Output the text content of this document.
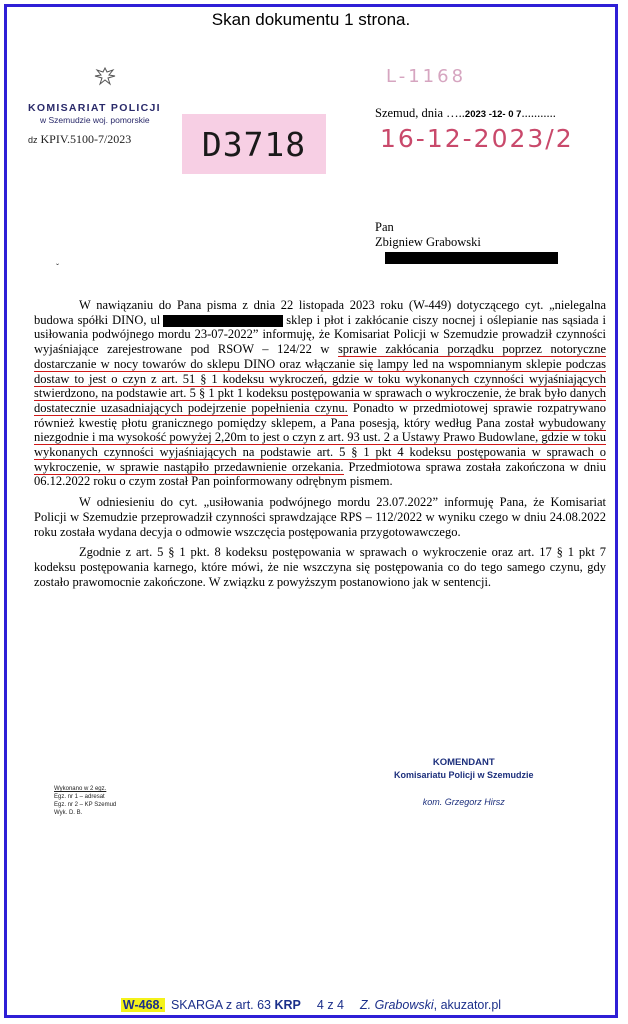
Skan dokumentu 1 strona.
KOMISARIAT POLICJI
w Szemudzie woj. pomorskie
dz KPIV.5100-7/2023	D3718
L-1168
Szemud, dnia …..2023 -12- 0 7...........
16-12-2023/2
Pan
Zbigniew Grabowski
ˇ

W nawiązaniu do Pana pisma z dnia 22 listopada 2023 roku (W-449) dotyczącego cyt. „nielegalna budowa spółki DINO, ul	sklep i płot i zakłócanie ciszy nocnej i oślepianie nas sąsiada i usiłowania podwójnego mordu 23-07-2022” informuję, że Komisariat Policji w Szemudzie prowadził czynności wyjaśniające zarejestrowane pod RSOW – 124/22 w sprawie zakłócania porządku poprzez notoryczne dostarczanie w nocy towarów do sklepu DINO oraz włączanie się lampy led na wspomnianym sklepie podczas dostaw to jest o czyn z art. 51 § 1 kodeksu wykroczeń, gdzie w toku wykonanych czynności wyjaśniających stwierdzono, na podstawie art. 5 § 1 pkt 1 kodeksu postępowania w sprawach o wykroczenie, że brak było danych dostatecznie uzasadniających podejrzenie popełnienia czynu. Ponadto w przedmiotowej sprawie rozpatrywano również kwestię płotu granicznego pomiędzy sklepem, a Pana posesją, który według Pana został wybudowany niezgodnie i ma wysokość powyżej 2,20m to jest o czyn z art. 93 ust. 2 a Ustawy Prawo Budowlane, gdzie w toku wykonanych czynności wyjaśniających na podstawie art. 5 § 1 pkt 4 kodeksu postępowania w sprawach o wykroczenie, w sprawie nastąpiło przedawnienie orzekania. Przedmiotowa sprawa została zakończona w dniu 06.12.2022 roku o czym został Pan poinformowany odrębnym pismem.

W odniesieniu do cyt. „usiłowania podwójnego mordu 23.07.2022” informuję Pana, że Komisariat Policji w Szemudzie przeprowadził czynności sprawdzające RPS – 112/2022 w wyniku czego w dniu 24.08.2022 roku została wydana decyja o odmowie wszczęcia postępowania przygotowawczego.

Zgodnie z art. 5 § 1 pkt. 8 kodeksu postępowania w sprawach o wykroczenie oraz art. 17 § 1 pkt 7 kodeksu postępowania karnego, które mówi, że nie wszczyna się postępowania co do tego samego czynu, gdy zostało prawomocnie zakończone. W związku z powyższym postanowiono jak w sentencji.

KOMENDANT
Komisariatu Policji w Szemudzie
kom. Grzegorz Hirsz
Wykonano w 2 egz.
Egz. nr 1 – adresat
Egz. nr 2 – KP Szemud
Wyk. D. B.
W-468. SKARGA z art. 63 KRP 4 z 4 Z. Grabowski, akuzator.pl
